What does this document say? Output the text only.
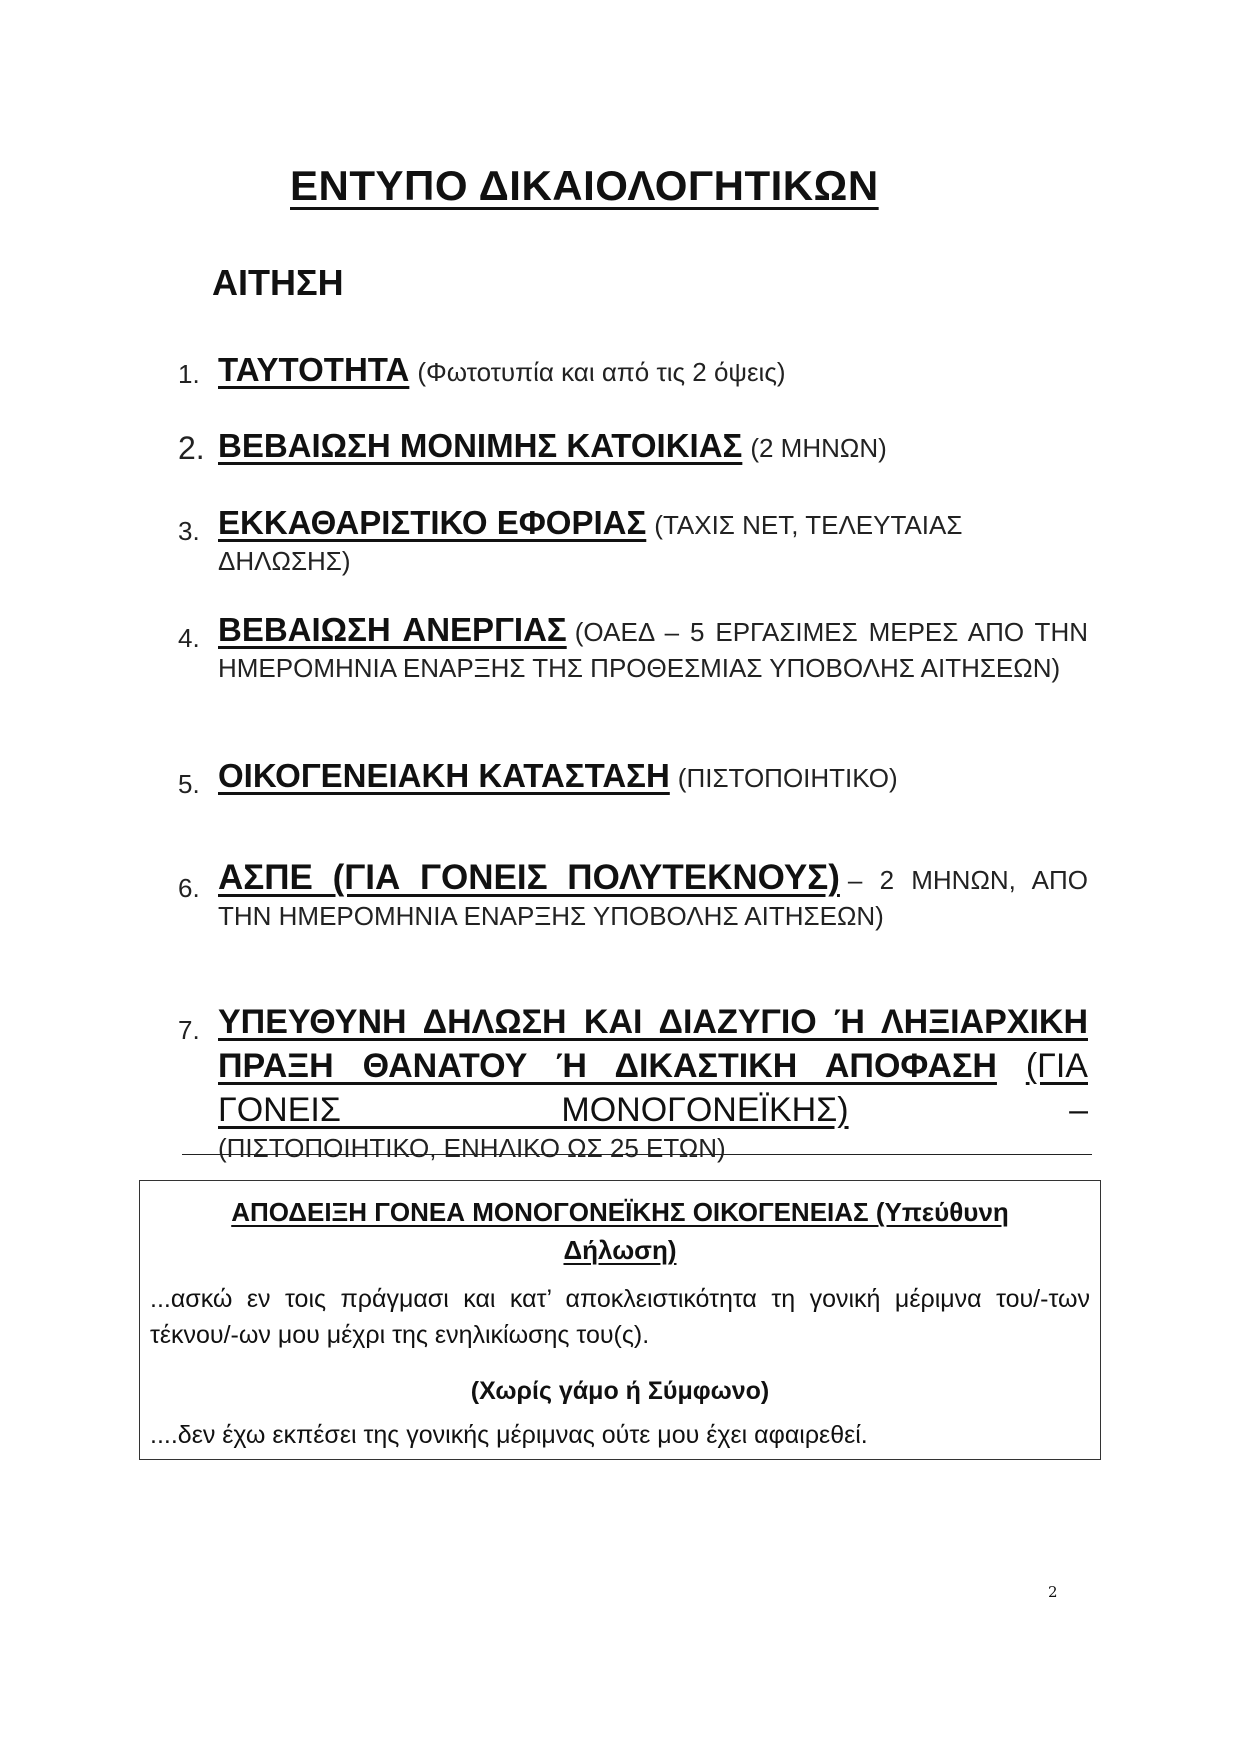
ΕΝΤΥΠΟ ΔΙΚΑΙΟΛΟΓΗΤΙΚΩΝ
ΑΙΤΗΣΗ
1. ΤΑΥΤΟΤΗΤΑ (Φωτοτυπία και από τις 2 όψεις)
2. ΒΕΒΑΙΩΣΗ ΜΟΝΙΜΗΣ ΚΑΤΟΙΚΙΑΣ (2 ΜΗΝΩΝ)
3. ΕΚΚΑΘΑΡΙΣΤΙΚΟ ΕΦΟΡΙΑΣ (ΤΑΧΙΣ ΝΕΤ, ΤΕΛΕΥΤΑΙΑΣ ΔΗΛΩΣΗΣ)
4. ΒΕΒΑΙΩΣΗ ΑΝΕΡΓΙΑΣ (ΟΑΕΔ – 5 ΕΡΓΑΣΙΜΕΣ ΜΕΡΕΣ ΑΠΟ ΤΗΝ ΗΜΕΡΟΜΗΝΙΑ ΕΝΑΡΞΗΣ ΤΗΣ ΠΡΟΘΕΣΜΙΑΣ ΥΠΟΒΟΛΗΣ ΑΙΤΗΣΕΩΝ)
5. ΟΙΚΟΓΕΝΕΙΑΚΗ ΚΑΤΑΣΤΑΣΗ (ΠΙΣΤΟΠΟΙΗΤΙΚΟ)
6. ΑΣΠΕ (ΓΙΑ ΓΟΝΕΙΣ ΠΟΛΥΤΕΚΝΟΥΣ) – 2 ΜΗΝΩΝ, ΑΠΟ ΤΗΝ ΗΜΕΡΟΜΗΝΙΑ ΕΝΑΡΞΗΣ ΥΠΟΒΟΛΗΣ ΑΙΤΗΣΕΩΝ)
7. ΥΠΕΥΘΥΝΗ ΔΗΛΩΣΗ ΚΑΙ ΔΙΑΖΥΓΙΟ Ή ΛΗΞΙΑΡΧΙΚΗ ΠΡΑΞΗ ΘΑΝΑΤΟΥ Ή ΔΙΚΑΣΤΙΚΗ ΑΠΟΦΑΣΗ (ΓΙΑ ΓΟΝΕΙΣ ΜΟΝΟΓΟΝΕΪΚΗΣ)	–
(ΠΙΣΤΟΠΟΙΗΤΙΚΟ, ΕΝΗΛΙΚΟ ΩΣ 25 ΕΤΩΝ)

ΑΠΟΔΕΙΞΗ ΓΟΝΕΑ ΜΟΝΟΓΟΝΕΪΚΗΣ ΟΙΚΟΓΕΝΕΙΑΣ (Υπεύθυνη Δήλωση)

...ασκώ εν τοις πράγμασι και κατ’ αποκλειστικότητα τη γονική μέριμνα του/-των τέκνου/-ων μου μέχρι της ενηλικίωσης του(ς).

(Χωρίς γάμο ή Σύμφωνο)

....δεν έχω εκπέσει της γονικής μέριμνας ούτε μου έχει αφαιρεθεί.

2
